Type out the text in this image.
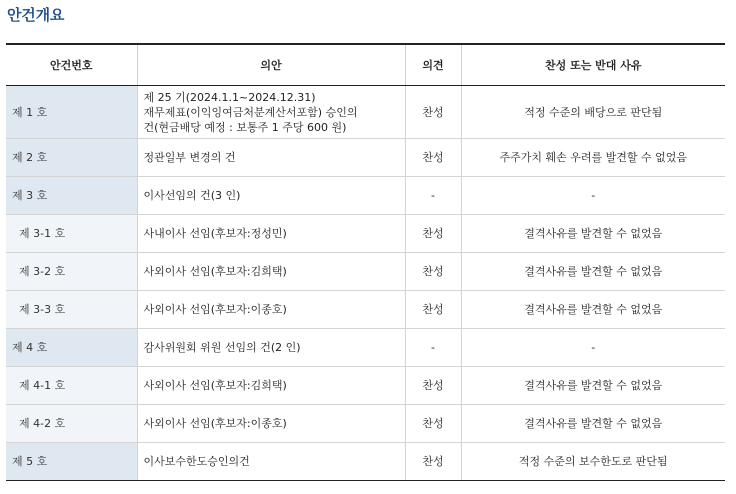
안건개요
안건번호	의안	의견	찬성 또는 반대 사유
제 1 호	제 25 기(2024.1.1~2024.12.31)
재무제표(이익잉여금처분계산서포함) 승인의
건(현금배당 예정 : 보통주 1 주당 600 원)	찬성	적정 수준의 배당으로 판단됨
제 2 호	정관일부 변경의 건	찬성	주주가치 훼손 우려를 발견할 수 없었음
제 3 호	이사선임의 건(3 인)	-	-
제 3-1 호	사내이사 선임(후보자:정성민)	찬성	결격사유를 발견할 수 없었음
제 3-2 호	사외이사 선임(후보자:김희택)	찬성	결격사유를 발견할 수 없었음
제 3-3 호	사외이사 선임(후보자:이종호)	찬성	결격사유를 발견할 수 없었음
제 4 호	감사위원회 위원 선임의 건(2 인)	-	-
제 4-1 호	사외이사 선임(후보자:김희택)	찬성	결격사유를 발견할 수 없었음
제 4-2 호	사외이사 선임(후보자:이종호)	찬성	결격사유를 발견할 수 없었음
제 5 호	이사보수한도승인의건	찬성	적정 수준의 보수한도로 판단됨
